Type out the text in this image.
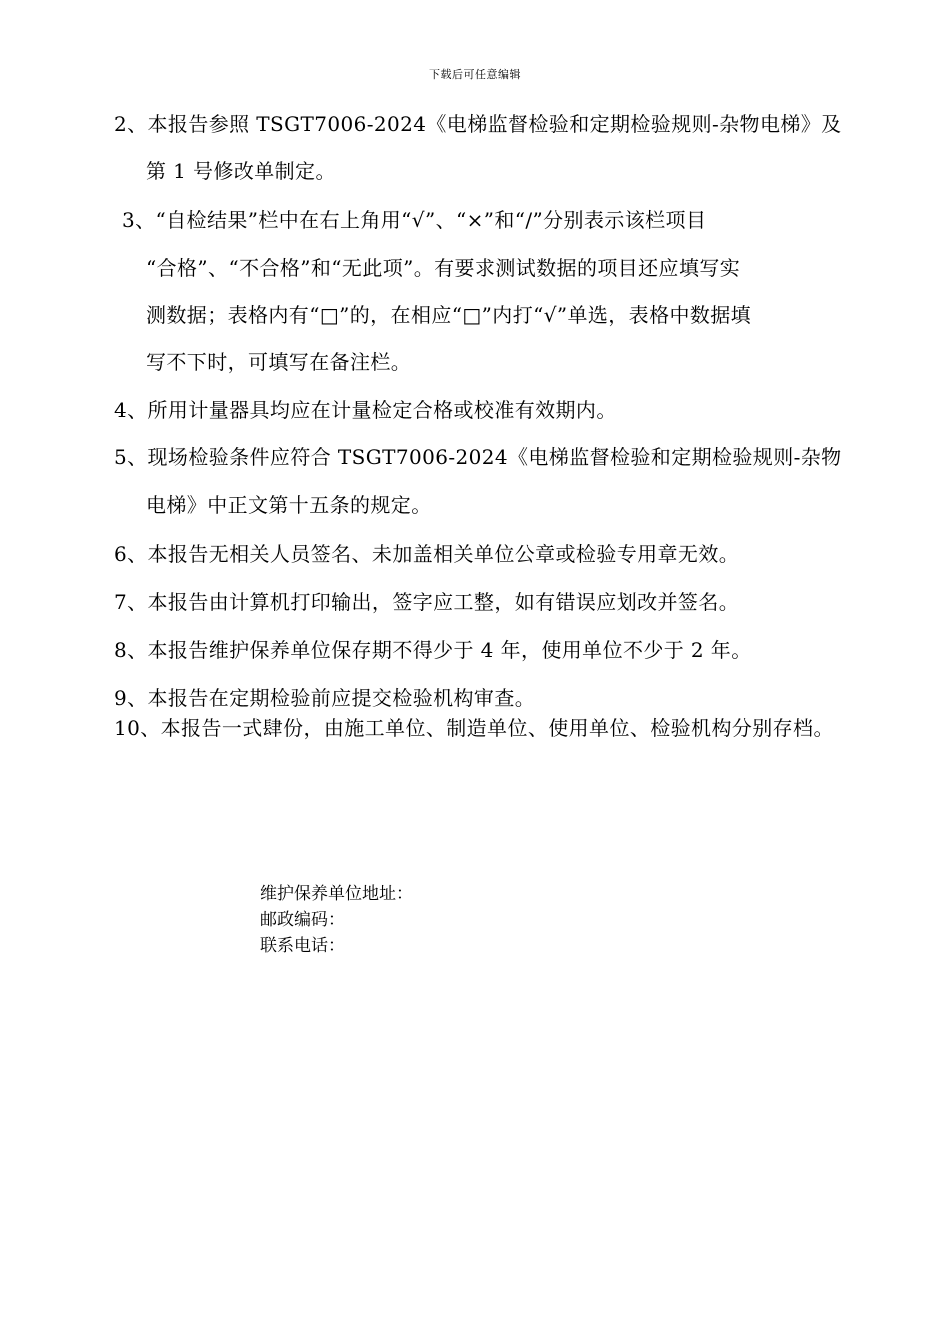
下载后可任意编辑
2、本报告参照 TSGT7006-2024《电梯监督检验和定期检验规则-杂物电梯》及
第 1 号修改单制定。
3、“自检结果”栏中在右上角用“√”、“×”和“/”分别表示该栏项目
“合格”、“不合格”和“无此项”。有要求测试数据的项目还应填写实
测数据；表格内有“□”的，在相应“□”内打“√”单选，表格中数据填
写不下时，可填写在备注栏。
4、所用计量器具均应在计量检定合格或校准有效期内。
5、现场检验条件应符合 TSGT7006-2024《电梯监督检验和定期检验规则-杂物
电梯》中正文第十五条的规定。
6、本报告无相关人员签名、未加盖相关单位公章或检验专用章无效。
7、本报告由计算机打印输出，签字应工整，如有错误应划改并签名。
8、本报告维护保养单位保存期不得少于 4 年，使用单位不少于 2 年。
9、本报告在定期检验前应提交检验机构审查。
10、本报告一式肆份，由施工单位、制造单位、使用单位、检验机构分别存档。
维护保养单位地址：
邮政编码：
联系电话：
